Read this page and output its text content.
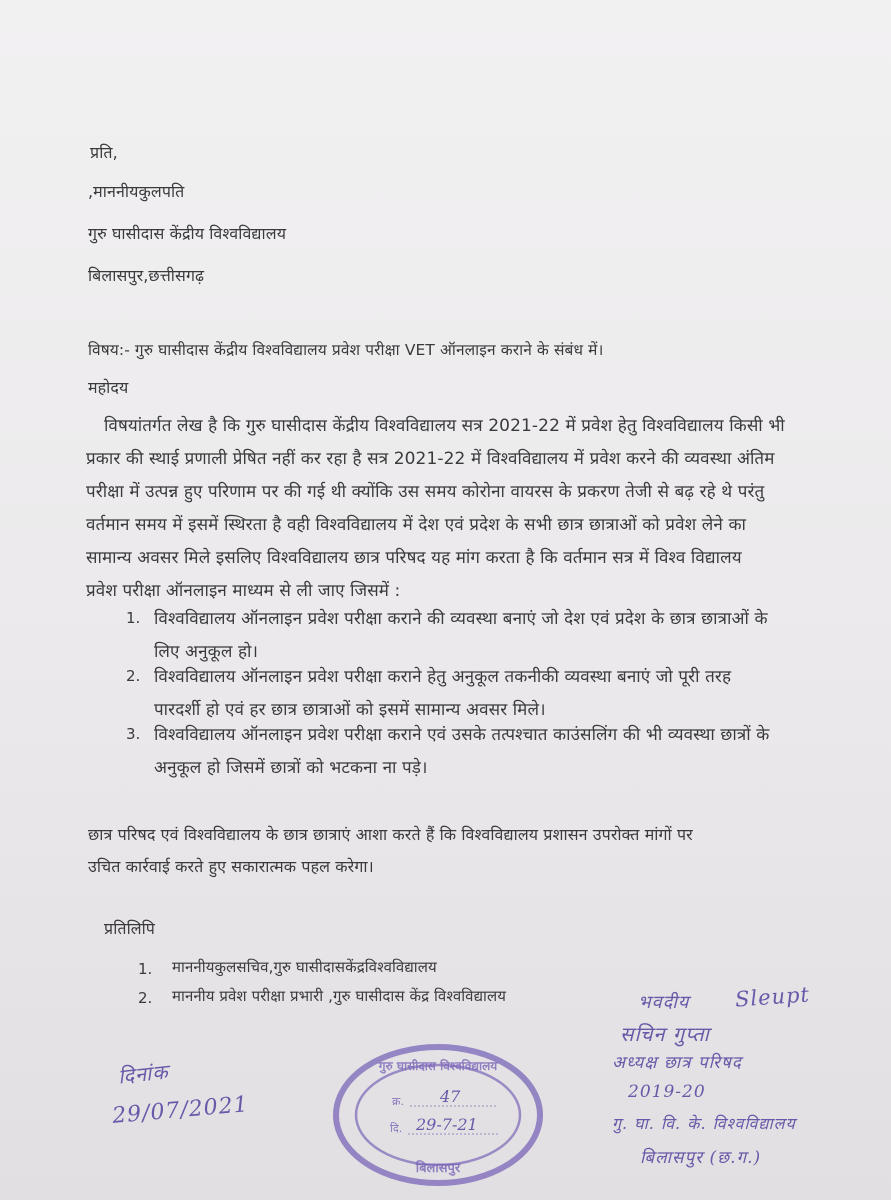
प्रति,
,माननीयकुलपति
गुरु घासीदास केंद्रीय विश्वविद्यालय
बिलासपुर,छत्तीसगढ़
विषय:- गुरु घासीदास केंद्रीय विश्वविद्यालय प्रवेश परीक्षा VET ऑनलाइन कराने के संबंध में।
महोदय
विषयांतर्गत लेख है कि गुरु घासीदास केंद्रीय विश्वविद्यालय सत्र 2021-22 में प्रवेश हेतु विश्वविद्यालय किसी भी
प्रकार की स्थाई प्रणाली प्रेषित नहीं कर रहा है सत्र 2021-22 में विश्वविद्यालय में प्रवेश करने की व्यवस्था अंतिम
परीक्षा में उत्पन्न हुए परिणाम पर की गई थी क्योंकि उस समय कोरोना वायरस के प्रकरण तेजी से बढ़ रहे थे परंतु
वर्तमान समय में इसमें स्थिरता है वही विश्वविद्यालय में देश एवं प्रदेश के सभी छात्र छात्राओं को प्रवेश लेने का
सामान्य अवसर मिले इसलिए विश्वविद्यालय छात्र परिषद यह मांग करता है कि वर्तमान सत्र में विश्व विद्यालय
प्रवेश परीक्षा ऑनलाइन माध्यम से ली जाए जिसमें :
1. विश्वविद्यालय ऑनलाइन प्रवेश परीक्षा कराने की व्यवस्था बनाएं जो देश एवं प्रदेश के छात्र छात्राओं के
लिए अनुकूल हो।
2. विश्वविद्यालय ऑनलाइन प्रवेश परीक्षा कराने हेतु अनुकूल तकनीकी व्यवस्था बनाएं जो पूरी तरह
पारदर्शी हो एवं हर छात्र छात्राओं को इसमें सामान्य अवसर मिले।
3. विश्वविद्यालय ऑनलाइन प्रवेश परीक्षा कराने एवं उसके तत्पश्चात काउंसलिंग की भी व्यवस्था छात्रों के
अनुकूल हो जिसमें छात्रों को भटकना ना पड़े।
छात्र परिषद एवं विश्वविद्यालय के छात्र छात्राएं आशा करते हैं कि विश्वविद्यालय प्रशासन उपरोक्त मांगों पर
उचित कार्रवाई करते हुए सकारात्मक पहल करेगा।
प्रतिलिपि
1. माननीयकुलसचिव,गुरु घासीदासकेंद्रविश्वविद्यालय
2. माननीय प्रवेश परीक्षा प्रभारी ,गुरु घासीदास केंद्र विश्वविद्यालय
दिनांक
29/07/2021
भवदीय Sleupt
सचिन गुप्ता
अध्यक्ष छात्र परिषद
2019-20
गु. घा. वि. के. विश्वविद्यालय
बिलासपुर (छ.ग.)
गुरु घासीदास विश्वविद्यालय
क्र. 47
दि. 29-7-21
बिलासपुर
